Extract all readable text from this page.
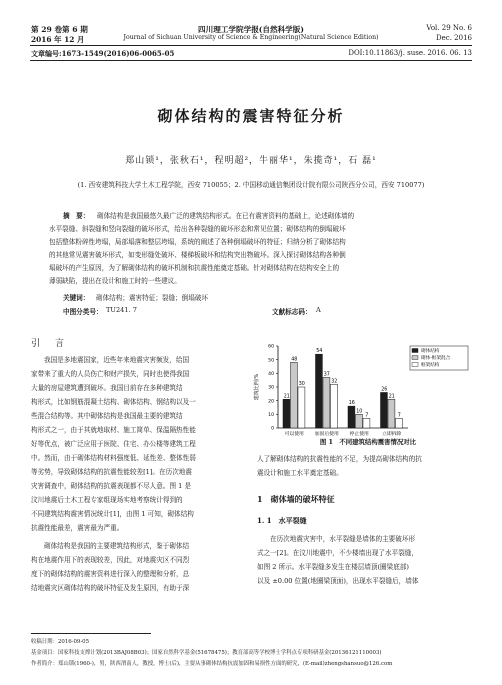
第 29 卷第 6 期	四川理工学院学报(自然科学版)	Vol. 29 No. 6
2016 年 12 月	Journal of Sichuan University of Science & Engineering(Natural Science Edition)	Dec. 2016
文章编号:1673-1549(2016)06-0065-05	DOI:10.11863/j. suse. 2016. 06. 13
砌体结构的震害特征分析
郑山锁¹，张秋石¹，程明超²，牛丽华¹，朱揽奇¹，石 磊¹
(1. 西安建筑科技大学土木工程学院，西安 710055；2. 中国移动通信集团设计院有限公司陕西分公司，西安 710077)
摘　要： 砌体结构是我国最悠久最广泛的建筑结构形式。在已有震害资料的基础上，论述砌体墙的
水平裂缝、斜裂缝和竖向裂缝的破坏形式，给出各种裂缝的破坏形态和常见位置；砌体结构的倒塌破坏
包括整体粉碎性垮塌，局部塌落和整层垮塌，系统的阐述了各种倒塌破坏的特征；归纳分析了砌体结构
的其他常见震害破坏形式，如变形缝处破坏、楼梯板破坏和结构突出物破坏。深入探讨砌体结构各种倒
塌破坏的产生原因，为了解砌体结构的破坏机制和抗震性能奠定基础。针对砌体结构在结构安全上的
薄弱缺陷，提出在设计和施工时的一些建议。
关键词： 砌体结构；震害特征；裂缝；倒塌破坏
中图分类号： TU241. 7	文献标志码： A
引　言
我国是多地震国家，近些年来地震灾害频发，给国
家带来了重大的人员伤亡和财产损失，同时也使得我国
大量的房屋建筑遭到破坏。我国目前存在多种建筑结
构形式，比如钢筋混凝土结构、砌体结构、钢结构以及一
些混合结构等。其中砌体结构是我国最主要的建筑结
构形式之一，由于其就地取材、施工简单、保温隔热性能
好等优点，被广泛应用于医院、住宅、办公楼等建筑工程
中。然而，由于砌体结构材料强度低、延性差、整体性弱
等劣势，导致砌体结构的抗震性能较差[1]。在历次地震
灾害调查中，砌体结构的抗震表现都不尽人意。图 1 是
汶川地震后土木工程专家组现场实地考察统计得到的
不同建筑结构震害情况统计[1]，由图 1 可知，砌体结构
抗震性能最差，震害最为严重。
砌体结构是我国的主要建筑结构形式，鉴于砌体结
构在地震作用下的表现较差，因此，对地震灾区不同烈
度下的砌体结构的震害资料进行深入的整理和分析，总
结地震灾区砌体结构的破坏特征及发生原因，有助于深
0
10
20
30
40
50
60
建筑比例/%	21
48
30
可以使用
54
37
32
加固后使用
16
10
7
停止使用
26
21
7
立即拆除
砌体结构
砌体-框架混合
框架结构
图 1　不同建筑结构震害情况对比
人了解砌体结构的抗震性能的不足，为提高砌体结构的抗
震设计和施工水平奠定基础。
1　砌体墙的破坏特征
1. 1　水平裂缝
在历次地震灾害中，水平裂缝是墙体的主要破坏形
式之一[2]。在汶川地震中，不少楼墙出现了水平裂缝，
如图 2 所示。水平裂缝多发生在楼层墙顶(圈梁底部)
以及 ±0.00 位置(地圈梁顶面)，出现水平裂缝后，墙体
收稿日期：2016-09-05
基金项目：国家科技支撑计划(2013BAJ08B03)；国家自然科学基金(51678475)；教育部高等学校博士学科点专项科研基金(20136121110003)
作者简介：郑山锁(1960-)，男，陕西渭南人，教授，博士(后)，主要从事砌体结构抗震加固和易损性方面的研究，(E-mail)zhengshansuo@126.com
